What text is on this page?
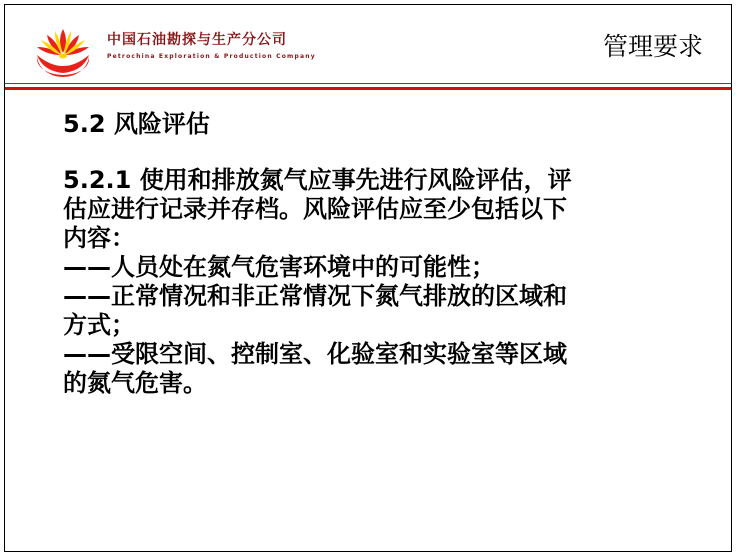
中国石油勘探与生产分公司
Petrochina Exploration & Production Company	管理要求
5.2 风险评估
5.2.1 使用和排放氮气应事先进行风险评估，评
估应进行记录并存档。风险评估应至少包括以下
内容：
——人员处在氮气危害环境中的可能性；
——正常情况和非正常情况下氮气排放的区域和
方式；
——受限空间、控制室、化验室和实验室等区域
的氮气危害。
